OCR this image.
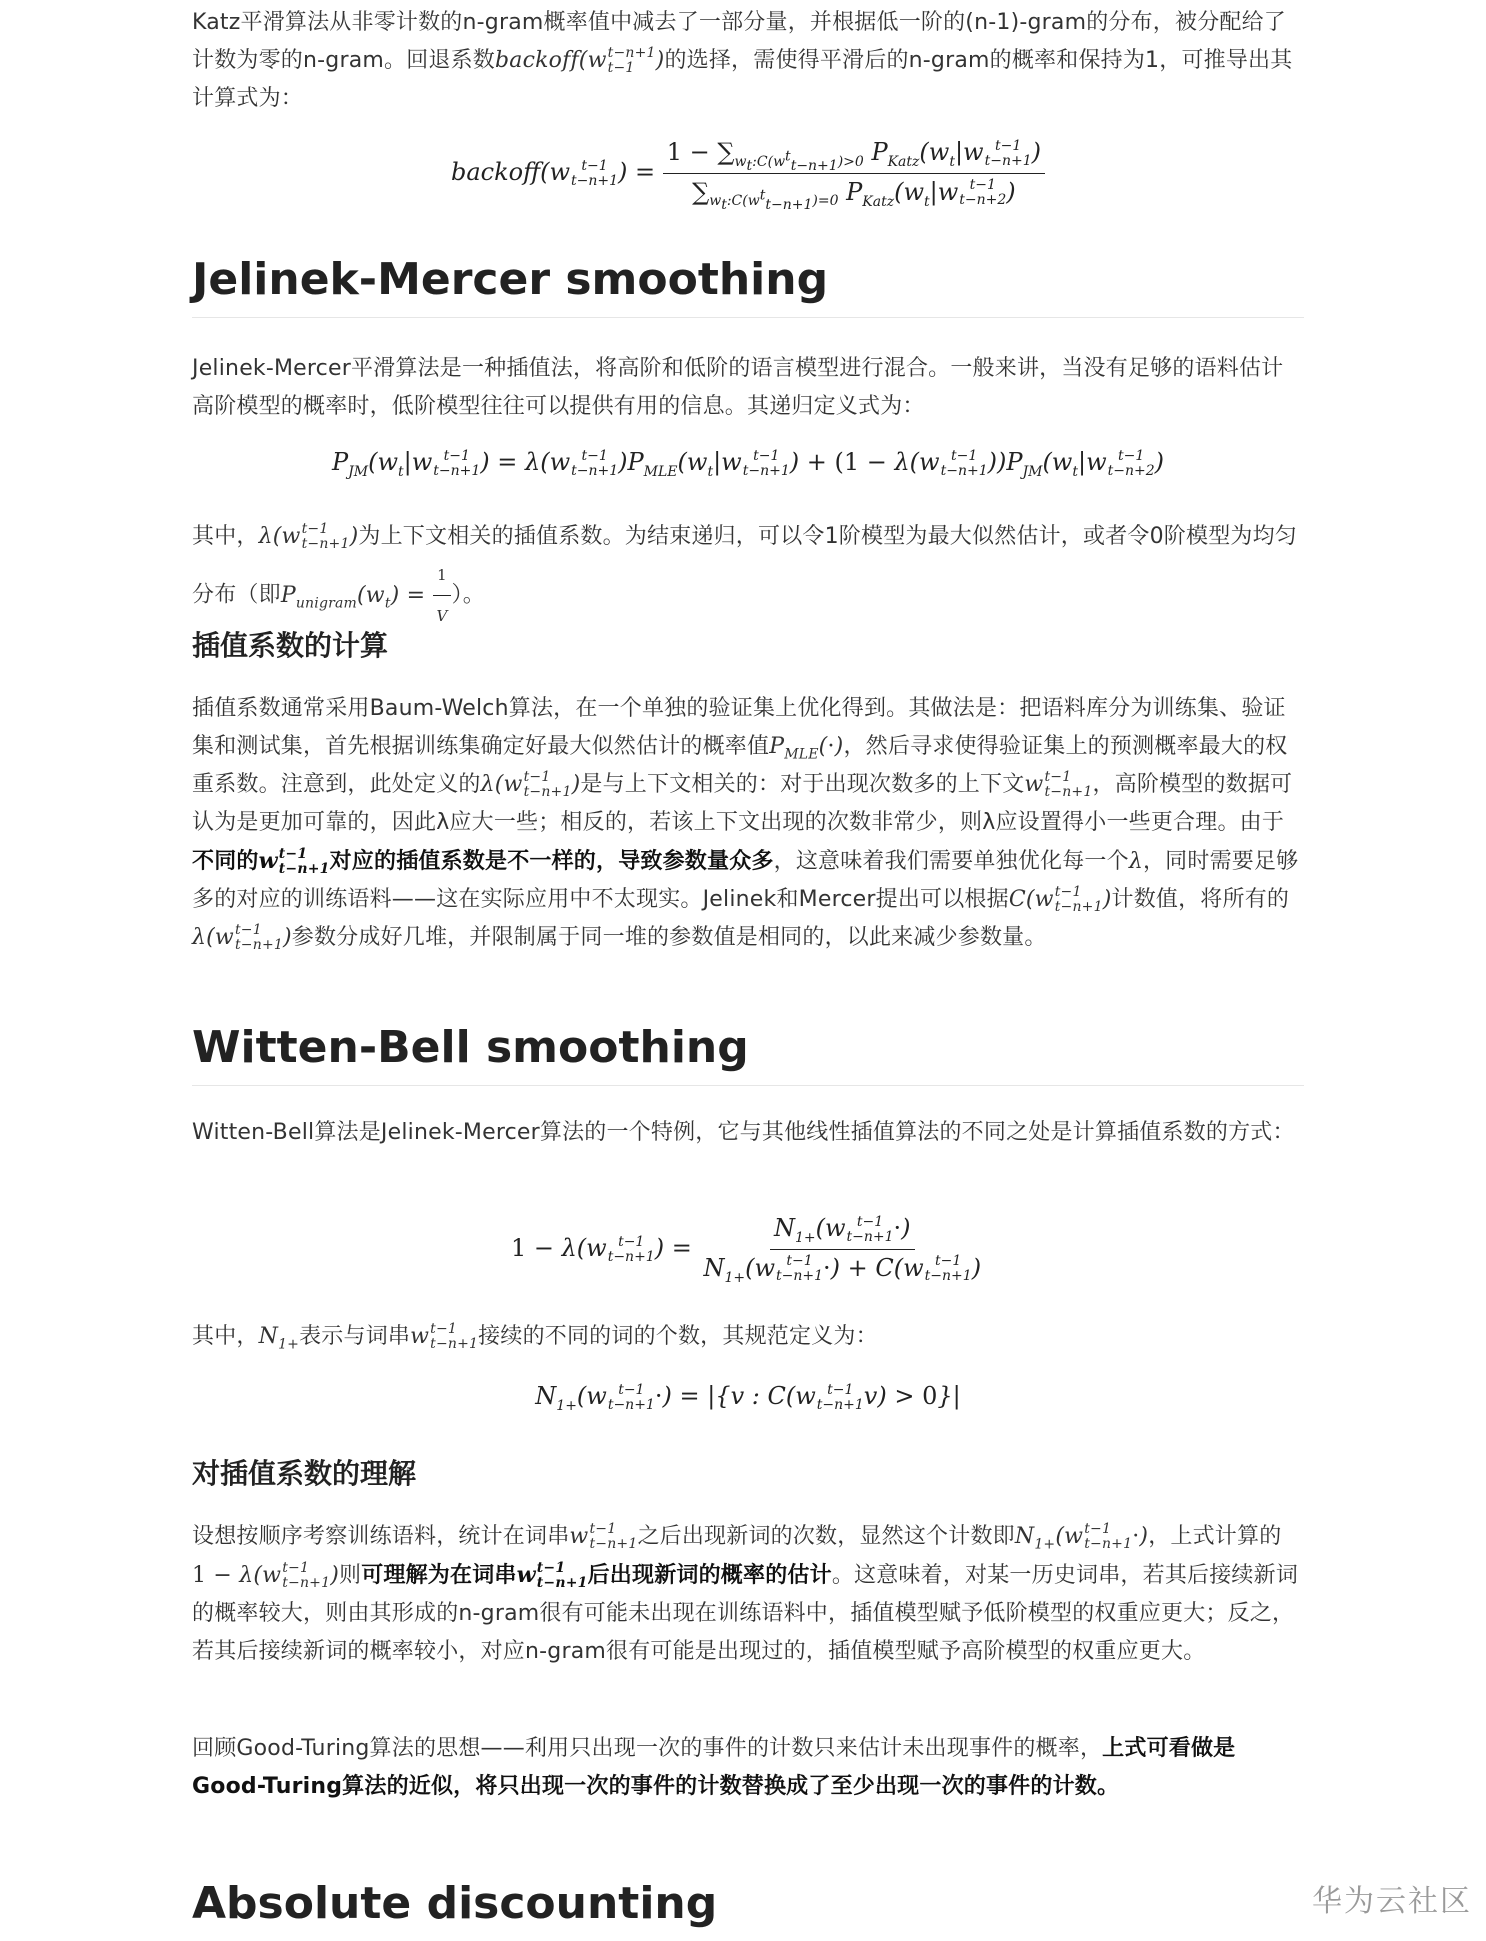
Katz平滑算法从非零计数的n-gram概率值中减去了一部分量，并根据低一阶的(n-1)-gram的分布，被分配给了计数为零的n-gram。回退系数backoff(w t−n+1
t−1 )的选择，需使得平滑后的n-gram的概率和保持为1，可推导出其计算式为：

backoff(w t−1
t−n+1 ) = $1 - \sum_{w_t:C(w^t_{t-n+1})>0}$ $P_{Katz}(w_t|w$ t−1
t−n+1 )
$\sum_{w_t:C(w^t_{t-n+1})=0}$ $P_{Katz}(w_t|w$ t−1
t−n+2 )
Jelinek-Mercer smoothing

Jelinek-Mercer平滑算法是一种插值法，将高阶和低阶的语言模型进行混合。一般来讲，当没有足够的语料估计高阶模型的概率时，低阶模型往往可以提供有用的信息。其递归定义式为：

$P_{JM}(w_t|w$ t−1
t−n+1 ) = λ(w t−1
t−n+1 )$P_{MLE}(w_t|w$ t−1
t−n+1 ) + (1 − λ(w t−1
t−n+1 ))$P_{JM}(w_t|w$ t−1
t−n+2 )

其中，λ(w t−1
t−n+1 )为上下文相关的插值系数。为结束递归，可以令1阶模型为最大似然估计，或者令0阶模型为均匀分布（即$P_{unigram}(w_t) = \frac{1}{V}$ ）。

插值系数的计算

插值系数通常采用Baum-Welch算法，在一个单独的验证集上优化得到。其做法是：把语料库分为训练集、验证集和测试集，首先根据训练集确定好最大似然估计的概率值$P_{MLE}(\cdot)$，然后寻求使得验证集上的预测概率最大的权重系数。注意到，此处定义的λ(w t−1
t−n+1 )是与上下文相关的：对于出现次数多的上下文w t−1
t−n+1 ，高阶模型的数据可认为是更加可靠的，因此λ应大一些；相反的，若该上下文出现的次数非常少，则λ应设置得小一些更合理。由于不同的w t−1
t−n+1 对应的插值系数是不一样的，导致参数量众多，这意味着我们需要单独优化每一个λ，同时需要足够多的对应的训练语料——这在实际应用中不太现实。Jelinek和Mercer提出可以根据C(w t−1
t−n+1 )计数值，将所有的λ(w t−1
t−n+1 )参数分成好几堆，并限制属于同一堆的参数值是相同的，以此来减少参数量。

Witten-Bell smoothing

Witten-Bell算法是Jelinek-Mercer算法的一个特例，它与其他线性插值算法的不同之处是计算插值系数的方式：

1 − λ(w t−1
t−n+1 ) = $N_{1+}(w$ t−1
t−n+1 ·)
$N_{1+}(w$ t−1
t−n+1 ·) + C(w t−1
t−n+1 )

其中，$N_{1+}$表示与词串w t−1
t−n+1 接续的不同的词的个数，其规范定义为：

$N_{1+}(w$ t−1
t−n+1 ·) = |{v : C(w t−1
t−n+1 v) > 0}|
对插值系数的理解

设想按顺序考察训练语料，统计在词串w t−1
t−n+1 之后出现新词的次数，显然这个计数即$N_{1+}(w$ t−1
t−n+1 ·)，上式计算的1 − λ(w t−1
t−n+1 )则可理解为在词串w t−1
t−n+1 后出现新词的概率的估计。这意味着，对某一历史词串，若其后接续新词的概率较大，则由其形成的n-gram很有可能未出现在训练语料中，插值模型赋予低阶模型的权重应更大；反之，若其后接续新词的概率较小，对应n-gram很有可能是出现过的，插值模型赋予高阶模型的权重应更大。

回顾Good-Turing算法的思想——利用只出现一次的事件的计数只来估计未出现事件的概率，上式可看做是Good-Turing算法的近似，将只出现一次的事件的计数替换成了至少出现一次的事件的计数。

Absolute discounting	华为云社区
